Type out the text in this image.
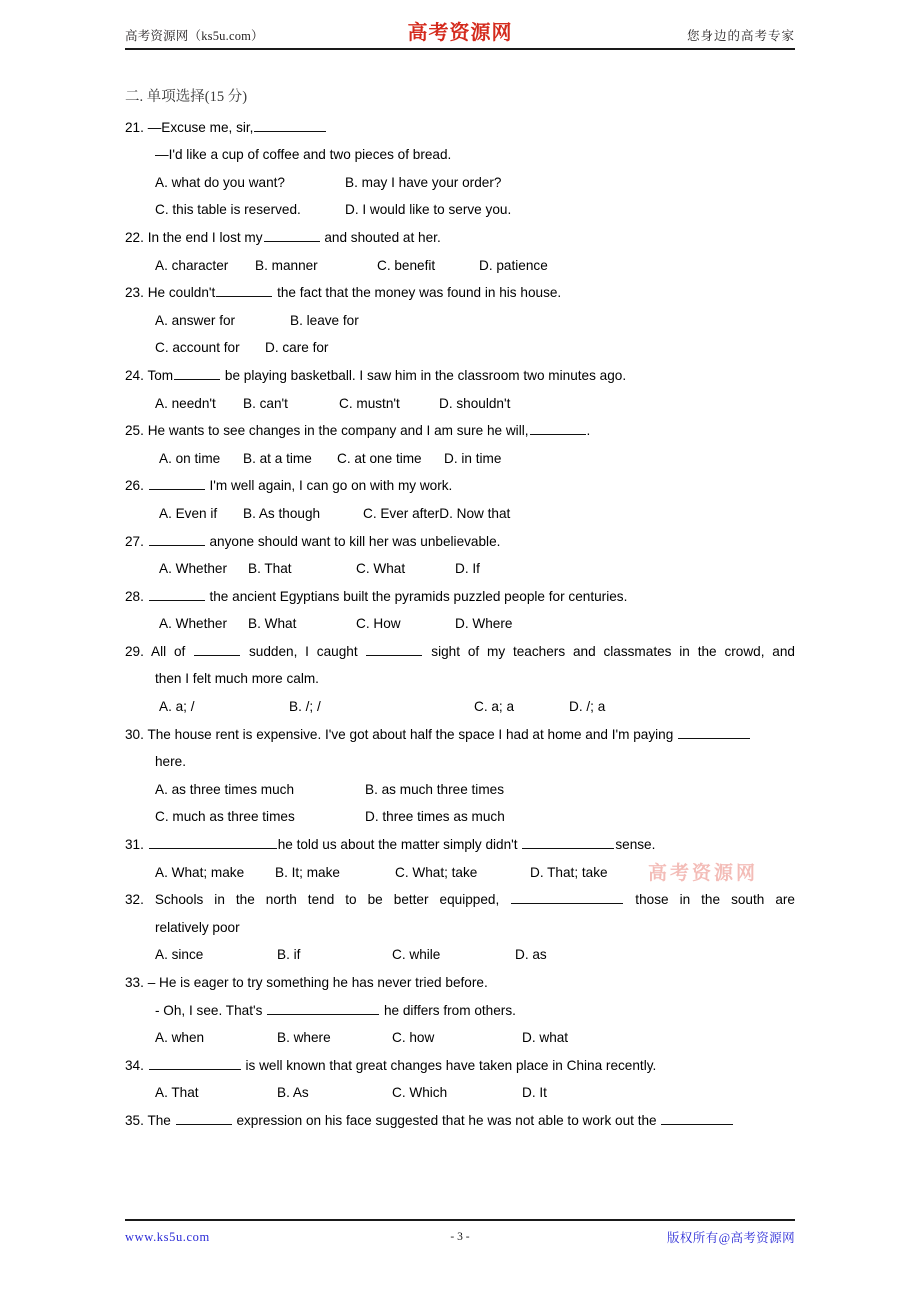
高考资源网（ks5u.com）	您身边的高考专家
高考资源网
高考资源网
二. 单项选择(15 分)
21. —Excuse me, sir,
—I'd like a cup of coffee and two pieces of bread.
A. what do you want?	B. may I have your order?
C. this table is reserved.	D. I would like to serve you.
22. In the end I lost my	and shouted at her.
A. character B. manner	C. benefit	D. patience
23. He couldn't	the fact that the money was found in his house.
A. answer for	B. leave for
C. account for D. care for
24. Tom	be playing basketball. I saw him in the classroom two minutes ago.
A. needn't B. can't	C. mustn't	D. shouldn't
25. He wants to see changes in the company and I am sure he will,	.
A. on time B. at a time C. at one time D. in time
26.	I'm well again, I can go on with my work.
A. Even if B. As though	C. Ever afterD. Now that
27.	anyone should want to kill her was unbelievable.
A. Whether B. That	C. What	D. If
28.	the ancient Egyptians built the pyramids puzzled people for centuries.
A. Whether B. What	C. How	D. Where
29. All of	sudden, I caught	sight of my teachers and classmates in the crowd, and
then I felt much more calm.
A. a; /	B. /; /	C. a; a	D. /; a
30. The house rent is expensive. I've got about half the space I had at home and I'm paying
here.
A. as three times much	B. as much three times
C. much as three times	D. three times as much
31.	he told us about the matter simply didn't	sense.
A. What; make B. It; make	C. What; take	D. That; take
32. Schools in the north tend to be better equipped,	those in the south are
relatively poor
A. since	B. if	C. while	D. as
33. – He is eager to try something he has never tried before.
- Oh, I see. That's	he differs from others.
A. when	B. where	C. how	D. what
34.	is well known that great changes have taken place in China recently.
A. That	B. As	C. Which	D. It
35. The	expression on his face suggested that he was not able to work out the
www.ks5u.com	- 3 -	版权所有@高考资源网
